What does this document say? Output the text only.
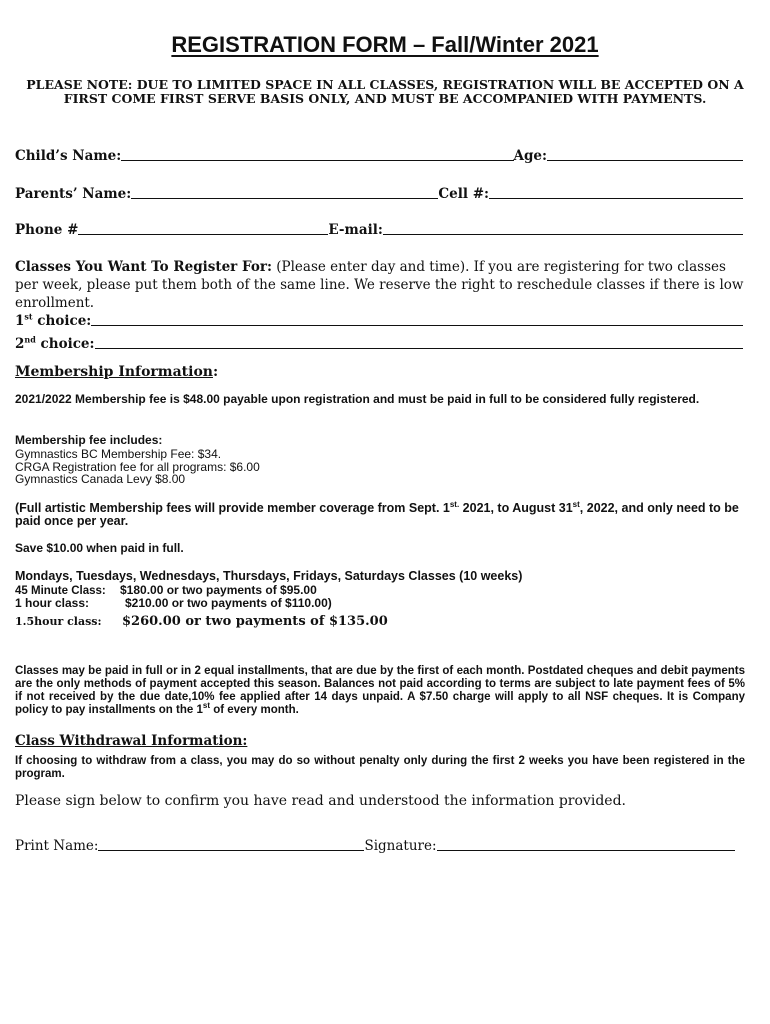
REGISTRATION FORM – Fall/Winter 2021
PLEASE NOTE: DUE TO LIMITED SPACE IN ALL CLASSES, REGISTRATION WILL BE ACCEPTED ON A FIRST COME FIRST SERVE BASIS ONLY, AND MUST BE ACCOMPANIED WITH PAYMENTS.
Child’s Name:	Age:
Parents’ Name:	Cell #:
Phone #	E-mail:
Classes You Want To Register For: (Please enter day and time). If you are registering for two classes per week, please put them both of the same line. We reserve the right to reschedule classes if there is low enrollment.
1st choice:
2nd choice:
Membership Information:
2021/2022 Membership fee is $48.00 payable upon registration and must be paid in full to be considered fully registered.
Membership fee includes:
Gymnastics BC Membership Fee: $34.
CRGA Registration fee for all programs: $6.00
Gymnastics Canada Levy $8.00
(Full artistic Membership fees will provide member coverage from Sept. $1^{st.}$ 2021, to August 31st, 2022, and only need to be paid once per year.
Save $10.00 when paid in full.
Mondays, Tuesdays, Wednesdays, Thursdays, Fridays, Saturdays Classes (10 weeks)
45 Minute Class: $180.00 or two payments of $95.00
1 hour class:	$210.00 or two payments of $110.00)
1.5hour class: $260.00 or two payments of $135.00
Classes may be paid in full or in 2 equal installments, that are due by the first of each month. Postdated cheques and debit payments are the only methods of payment accepted this season. Balances not paid according to terms are subject to late payment fees of 5% if not received by the due date,10% fee applied after 14 days unpaid. A $7.50 charge will apply to all NSF cheques. It is Company policy to pay installments on the 1st of every month.
Class Withdrawal Information:
If choosing to withdraw from a class, you may do so without penalty only during the first 2 weeks you have been registered in the program.
Please sign below to confirm you have read and understood the information provided.
Print Name:	Signature:
